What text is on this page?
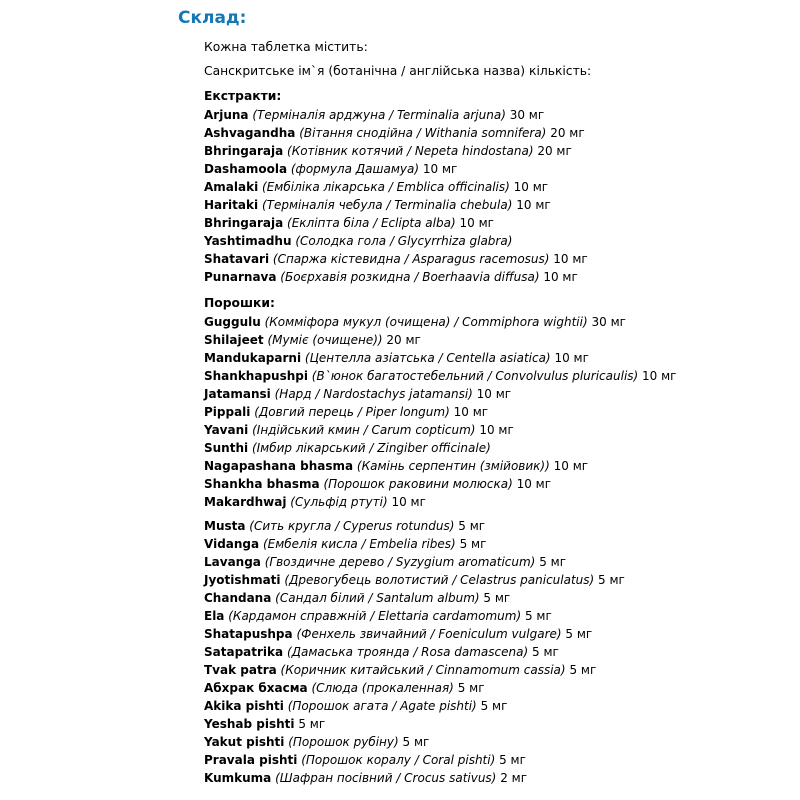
Склад:

Кожна таблетка містить:

Санскритське ім`я (ботанічна / англійська назва) кількість:

Екстракти:

Arjuna (Терміналія арджуна / Terminalia arjuna) 30 мг
Ashvagandha (Вітання снодійна / Withania somnifera) 20 мг
Bhringaraja (Котівник котячий / Nepeta hindostana) 20 мг
Dashamoola (формула Дашамуа) 10 мг
Amalaki (Ембіліка лікарська / Emblica officinalis) 10 мг
Haritaki (Терміналія чебула / Terminalia chebula) 10 мг
Bhringaraja (Екліпта біла / Eclipta alba) 10 мг
Yashtimadhu (Солодка гола / Glycyrrhiza glabra)
Shatavari (Спаржа кістевидна / Asparagus racemosus) 10 мг
Punarnava (Боєрхавія розкидна / Boerhaavia diffusa) 10 мг

Порошки:

Guggulu (Комміфора мукул (очищена) / Commiphora wightii) 30 мг
Shilajeet (Муміє (очищене)) 20 мг
Mandukaparni (Центелла азіатська / Centella asiatica) 10 мг
Shankhapushpi (В`юнок багатостебельний / Convolvulus pluricaulis) 10 мг
Jatamansi (Нард / Nardostachys jatamansi) 10 мг
Pippali (Довгий перець / Piper longum) 10 мг
Yavani (Індійський кмин / Carum copticum) 10 мг
Sunthi (Імбир лікарський / Zingiber officinale)
Nagapashana bhasma (Камінь серпентин (змійовик)) 10 мг
Shankha bhasma (Порошок раковини молюска) 10 мг
Makardhwaj (Сульфід ртуті) 10 мг
Musta (Сить кругла / Cyperus rotundus) 5 мг
Vidanga (Ембелія кисла / Embelia ribes) 5 мг
Lavanga (Гвоздичне дерево / Syzygium aromaticum) 5 мг
Jyotishmati (Древогубець волотистий / Celastrus paniculatus) 5 мг
Chandana (Сандал білий / Santalum album) 5 мг
Ela (Кардамон справжній / Elettaria cardamomum) 5 мг
Shatapushpa (Фенхель звичайний / Foeniculum vulgare) 5 мг
Satapatrika (Дамаська троянда / Rosa damascena) 5 мг
Tvak patra (Коричник китайський / Cinnamomum cassia) 5 мг
Абхрак бхасма (Слюда (прокаленная) 5 мг
Akika pishti (Порошок агата / Agate pishti) 5 мг
Yeshab pishti 5 мг
Yakut pishti (Порошок рубіну) 5 мг
Pravala pishti (Порошок коралу / Coral pishti) 5 мг
Kumkuma (Шафран посівний / Crocus sativus) 2 мг
